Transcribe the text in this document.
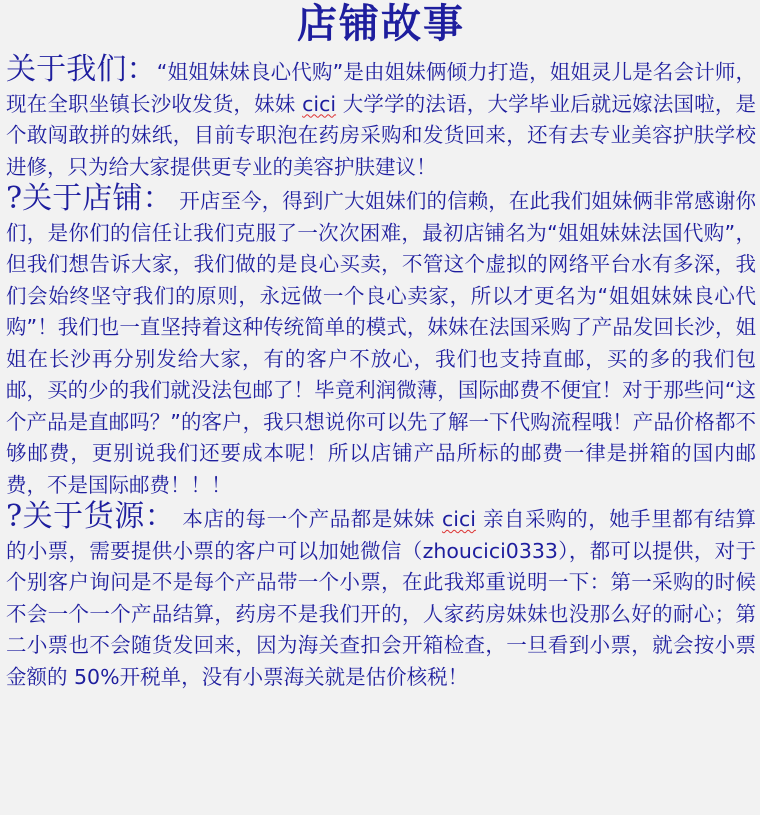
店铺故事

关于我们：“姐姐妹妹良心代购”是由姐妹俩倾力打造，姐姐灵儿是名会计师，现在全职坐镇长沙收发货，妹妹 cici 大学学的法语，大学毕业后就远嫁法国啦，是个敢闯敢拼的妹纸，目前专职泡在药房采购和发货回来，还有去专业美容护肤学校进修，只为给大家提供更专业的美容护肤建议！

?关于店铺： 开店至今，得到广大姐妹们的信赖，在此我们姐妹俩非常感谢你们，是你们的信任让我们克服了一次次困难，最初店铺名为“姐姐妹妹法国代购”，但我们想告诉大家，我们做的是良心买卖，不管这个虚拟的网络平台水有多深，我们会始终坚守我们的原则，永远做一个良心卖家，所以才更名为“姐姐妹妹良心代购”！我们也一直坚持着这种传统简单的模式，妹妹在法国采购了产品发回长沙，姐姐在长沙再分别发给大家，有的客户不放心，我们也支持直邮，买的多的我们包邮，买的少的我们就没法包邮了！毕竟利润微薄，国际邮费不便宜！对于那些问“这个产品是直邮吗？”的客户，我只想说你可以先了解一下代购流程哦！产品价格都不够邮费，更别说我们还要成本呢！所以店铺产品所标的邮费一律是拼箱的国内邮费，不是国际邮费！！！

?关于货源： 本店的每一个产品都是妹妹 cici 亲自采购的，她手里都有结算的小票，需要提供小票的客户可以加她微信（zhoucici0333），都可以提供，对于个别客户询问是不是每个产品带一个小票，在此我郑重说明一下：第一采购的时候不会一个一个产品结算，药房不是我们开的，人家药房妹妹也没那么好的耐心；第二小票也不会随货发回来，因为海关查扣会开箱检查，一旦看到小票，就会按小票金额的 50%开税单，没有小票海关就是估价核税！
